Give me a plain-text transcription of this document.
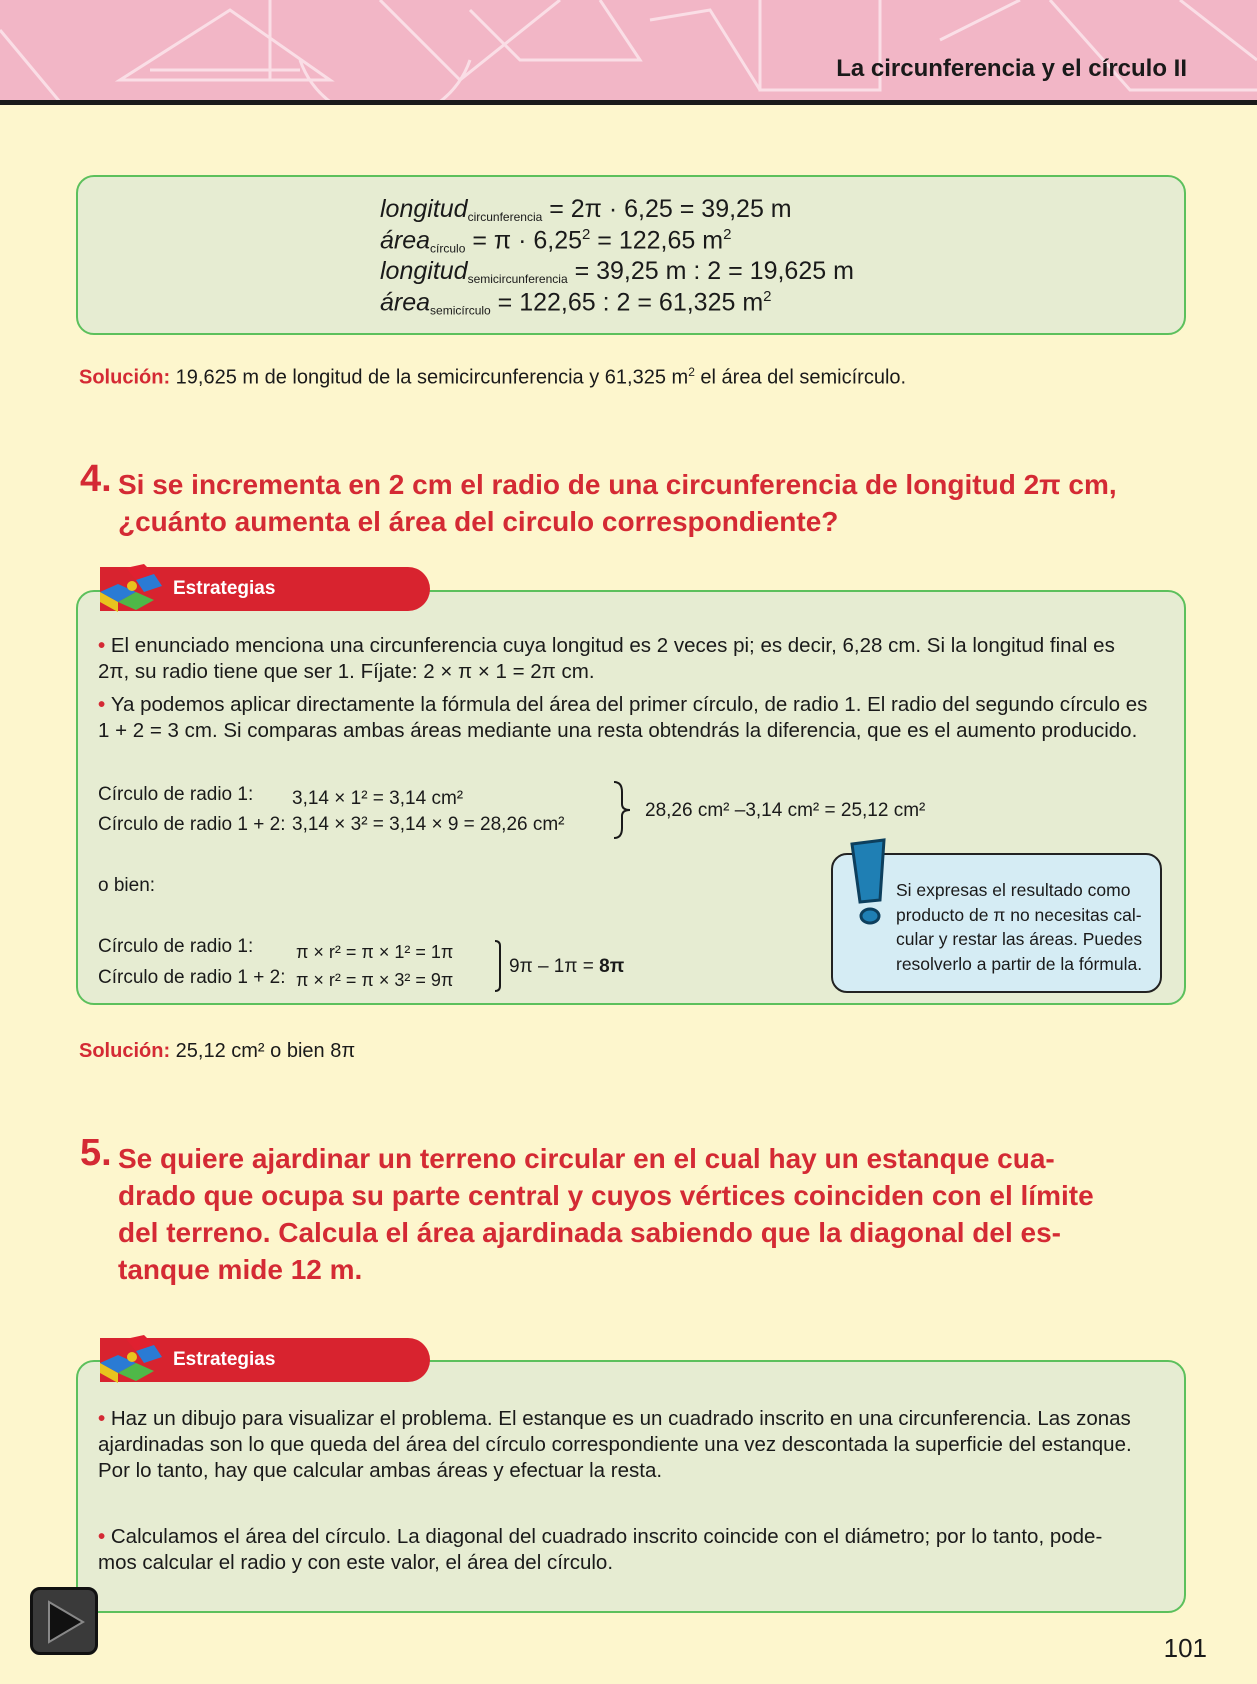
La circunferencia y el círculo II
longitud$_{circunferencia}$ = 2π · 6,25 = 39,25 m
área$_{círculo}$ = $\pi \cdot 6,25^2 = 122,65$ $m^2$
longitud$_{semicircunferencia}$ = 39,25 m : 2 = 19,625 m
área$_{semicírculo}$ = 122,65 : 2 = 61,325 $m^2$
Solución: 19,625 m de longitud de la semicircunferencia y 61,325 $m^2$ el área del semicírculo.
4. Si se incrementa en 2 cm el radio de una circunferencia de longitud 2π cm,
¿cuánto aumenta el área del circulo correspondiente?
Estrategias
• El enunciado menciona una circunferencia cuya longitud es 2 veces pi; es decir, 6,28 cm. Si la longitud final es
2π, su radio tiene que ser 1. Fíjate: 2 × π × 1 = 2π cm.
• Ya podemos aplicar directamente la fórmula del área del primer círculo, de radio 1. El radio del segundo círculo es
1 + 2 = 3 cm. Si comparas ambas áreas mediante una resta obtendrás la diferencia, que es el aumento producido.
Círculo de radio 1: 3,14 × 1² = 3,14 cm²
Círculo de radio 1 + 2: 3,14 × 3² = 3,14 × 9 = 28,26 cm²
28,26 cm² –3,14 cm² = 25,12 cm²
o bien:
Círculo de radio 1: π × r² = π × 1² = 1π
Círculo de radio 1 + 2: π × r² = π × 3² = 9π
9π – 1π = 8π
Si expresas el resultado como
producto de π no necesitas cal-
cular y restar las áreas. Puedes
resolverlo a partir de la fórmula.
Solución: 25,12 cm² o bien 8π
5. Se quiere ajardinar un terreno circular en el cual hay un estanque cua-
drado que ocupa su parte central y cuyos vértices coinciden con el límite
del terreno. Calcula el área ajardinada sabiendo que la diagonal del es-
tanque mide 12 m.
Estrategias
• Haz un dibujo para visualizar el problema. El estanque es un cuadrado inscrito en una circunferencia. Las zonas
ajardinadas son lo que queda del área del círculo correspondiente una vez descontada la superficie del estanque.
Por lo tanto, hay que calcular ambas áreas y efectuar la resta.
• Calculamos el área del círculo. La diagonal del cuadrado inscrito coincide con el diámetro; por lo tanto, pode-
mos calcular el radio y con este valor, el área del círculo.
101
